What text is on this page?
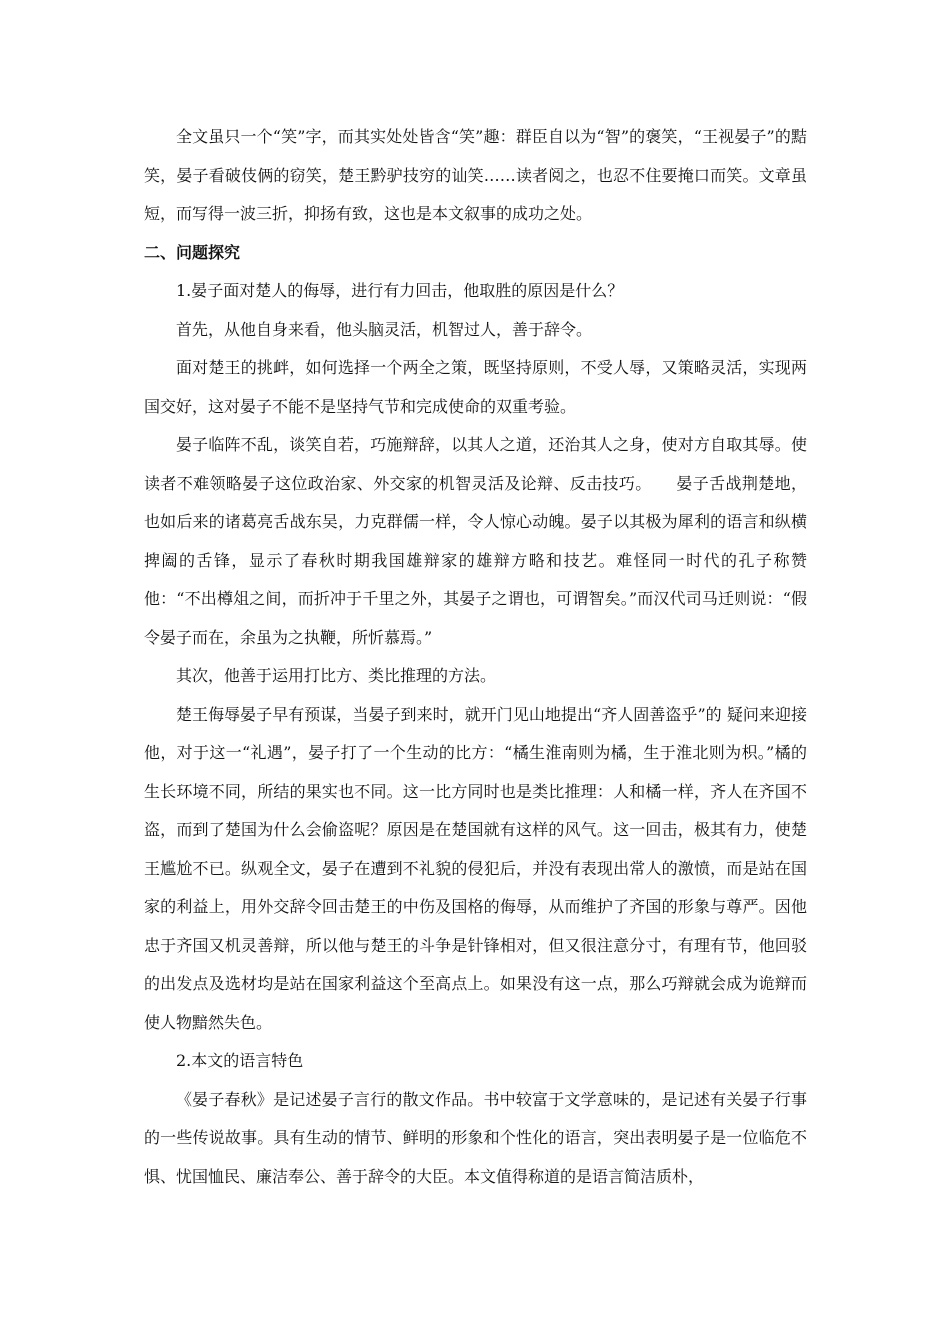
全文虽只一个“笑”字，而其实处处皆含“笑”趣：群臣自以为“智”的褒笑，“王视晏子”的黠笑，晏子看破伎俩的窃笑，楚王黔驴技穷的讪笑……读者阅之，也忍不住要掩口而笑。文章虽短，而写得一波三折，抑扬有致，这也是本文叙事的成功之处。

二、问题探究

1.晏子面对楚人的侮辱，进行有力回击，他取胜的原因是什么？

首先，从他自身来看，他头脑灵活，机智过人，善于辞令。

面对楚王的挑衅，如何选择一个两全之策，既坚持原则，不受人辱，又策略灵活，实现两国交好，这对晏子不能不是坚持气节和完成使命的双重考验。

晏子临阵不乱，谈笑自若，巧施辩辞，以其人之道，还治其人之身，使对方自取其辱。使读者不难领略晏子这位政治家、外交家的机智灵活及论辩、反击技巧。　　晏子舌战荆楚地，也如后来的诸葛亮舌战东吴，力克群儒一样，令人惊心动魄。晏子以其极为犀利的语言和纵横捭阖的舌锋，显示了春秋时期我国雄辩家的雄辩方略和技艺。难怪同一时代的孔子称赞他：“不出樽俎之间，而折冲于千里之外，其晏子之谓也，可谓智矣。”而汉代司马迁则说：“假令晏子而在，余虽为之执鞭，所忻慕焉。”

其次，他善于运用打比方、类比推理的方法。

楚王侮辱晏子早有预谋，当晏子到来时，就开门见山地提出“齐人固善盗乎”的 疑问来迎接他，对于这一“礼遇”，晏子打了一个生动的比方：“橘生淮南则为橘，生于淮北则为枳。”橘的生长环境不同，所结的果实也不同。这一比方同时也是类比推理：人和橘一样，齐人在齐国不盗，而到了楚国为什么会偷盗呢？原因是在楚国就有这样的风气。这一回击，极其有力，使楚王尴尬不已。纵观全文，晏子在遭到不礼貌的侵犯后，并没有表现出常人的激愤，而是站在国家的利益上，用外交辞令回击楚王的中伤及国格的侮辱，从而维护了齐国的形象与尊严。因他忠于齐国又机灵善辩，所以他与楚王的斗争是针锋相对，但又很注意分寸，有理有节，他回驳的出发点及选材均是站在国家利益这个至高点上。如果没有这一点，那么巧辩就会成为诡辩而使人物黯然失色。

2.本文的语言特色

《晏子春秋》是记述晏子言行的散文作品。书中较富于文学意味的，是记述有关晏子行事的一些传说故事。具有生动的情节、鲜明的形象和个性化的语言，突出表明晏子是一位临危不惧、忧国恤民、廉洁奉公、善于辞令的大臣。本文值得称道的是语言简洁质朴，
